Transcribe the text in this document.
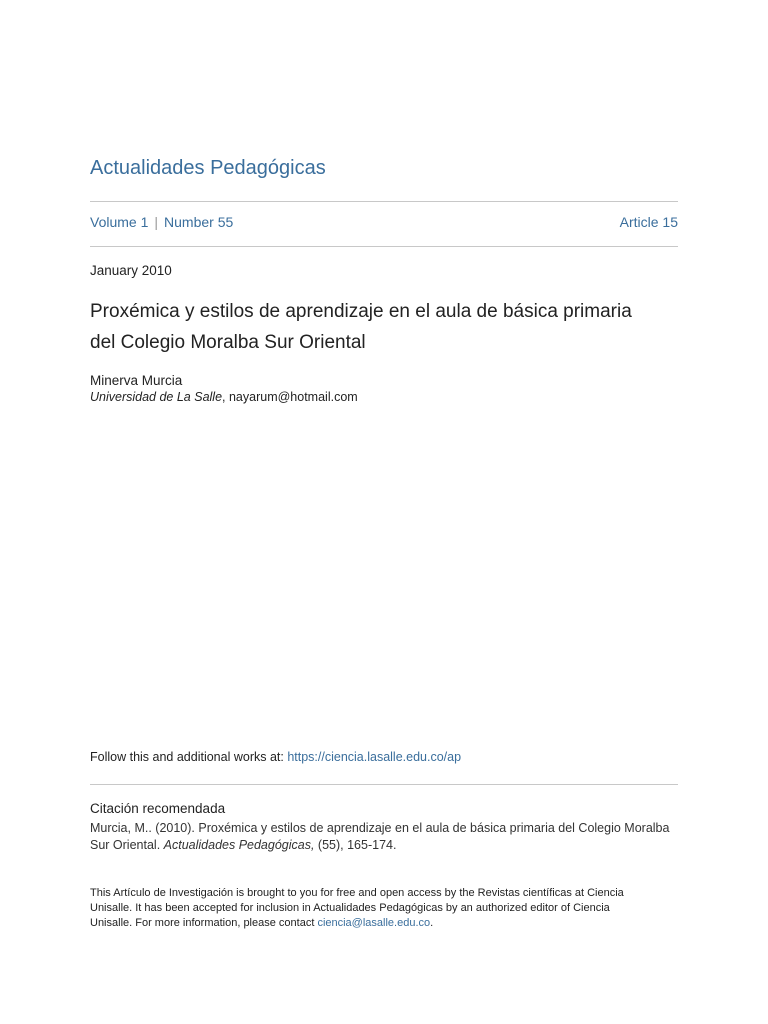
Actualidades Pedagógicas
Volume 1 | Number 55	Article 15
January 2010
Proxémica y estilos de aprendizaje en el aula de básica primaria
del Colegio Moralba Sur Oriental
Minerva Murcia
Universidad de La Salle, nayarum@hotmail.com
Follow this and additional works at: https://ciencia.lasalle.edu.co/ap
Citación recomendada
Murcia, M.. (2010). Proxémica y estilos de aprendizaje en el aula de básica primaria del Colegio Moralba Sur Oriental. Actualidades Pedagógicas, (55), 165-174.
This Artículo de Investigación is brought to you for free and open access by the Revistas científicas at Ciencia Unisalle. It has been accepted for inclusion in Actualidades Pedagógicas by an authorized editor of Ciencia Unisalle. For more information, please contact ciencia@lasalle.edu.co.
